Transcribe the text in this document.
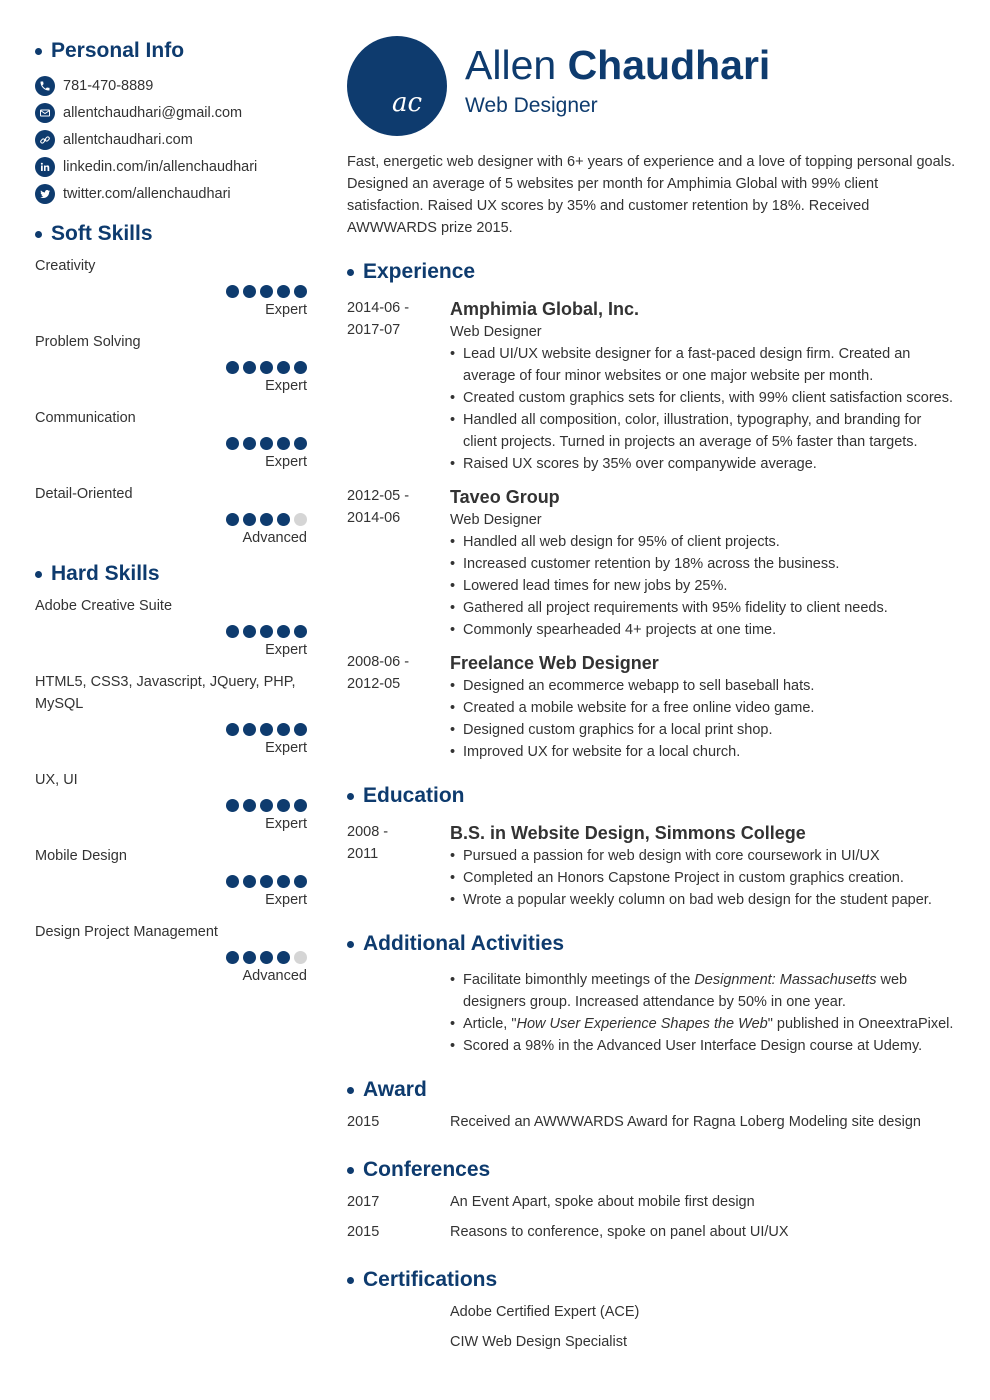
Personal Info
781-470-8889
allentchaudhari@gmail.com
allentchaudhari.com
linkedin.com/in/allenchaudhari
twitter.com/allenchaudhari
Soft Skills
Creativity
Expert
Problem Solving
Expert
Communication
Expert
Detail-Oriented
Advanced
Hard Skills
Adobe Creative Suite
Expert
HTML5, CSS3, Javascript, JQuery, PHP, MySQL
Expert
UX, UI
Expert
Mobile Design
Expert
Design Project Management
Advanced
ac
Allen Chaudhari
Web Designer
Fast, energetic web designer with 6+ years of experience and a love of topping personal goals. Designed an average of 5 websites per month for Amphimia Global with 99% client satisfaction. Raised UX scores by 35% and customer retention by 18%. Received AWWWARDS prize 2015.
Experience
2014-06 -
2017-07
Amphimia Global, Inc.
Web Designer
• Lead UI/UX website designer for a fast-paced design firm. Created an average of four minor websites or one major website per month.
• Created custom graphics sets for clients, with 99% client satisfaction scores.
• Handled all composition, color, illustration, typography, and branding for client projects. Turned in projects an average of 5% faster than targets.
• Raised UX scores by 35% over companywide average.
2012-05 -
2014-06
Taveo Group
Web Designer
• Handled all web design for 95% of client projects.
• Increased customer retention by 18% across the business.
• Lowered lead times for new jobs by 25%.
• Gathered all project requirements with 95% fidelity to client needs.
• Commonly spearheaded 4+ projects at one time.
2008-06 -
2012-05
Freelance Web Designer
• Designed an ecommerce webapp to sell baseball hats.
• Created a mobile website for a free online video game.
• Designed custom graphics for a local print shop.
• Improved UX for website for a local church.
Education
2008 -
2011
B.S. in Website Design, Simmons College
• Pursued a passion for web design with core coursework in UI/UX
• Completed an Honors Capstone Project in custom graphics creation.
• Wrote a popular weekly column on bad web design for the student paper.
Additional Activities
• Facilitate bimonthly meetings of the Designment: Massachusetts web designers group. Increased attendance by 50% in one year.
• Article, "How User Experience Shapes the Web" published in OneextraPixel.
• Scored a 98% in the Advanced User Interface Design course at Udemy.
Award
2015	Received an AWWWARDS Award for Ragna Loberg Modeling site design
Conferences
2017	An Event Apart, spoke about mobile first design
2015	Reasons to conference, spoke on panel about UI/UX
Certifications
Adobe Certified Expert (ACE)
CIW Web Design Specialist
